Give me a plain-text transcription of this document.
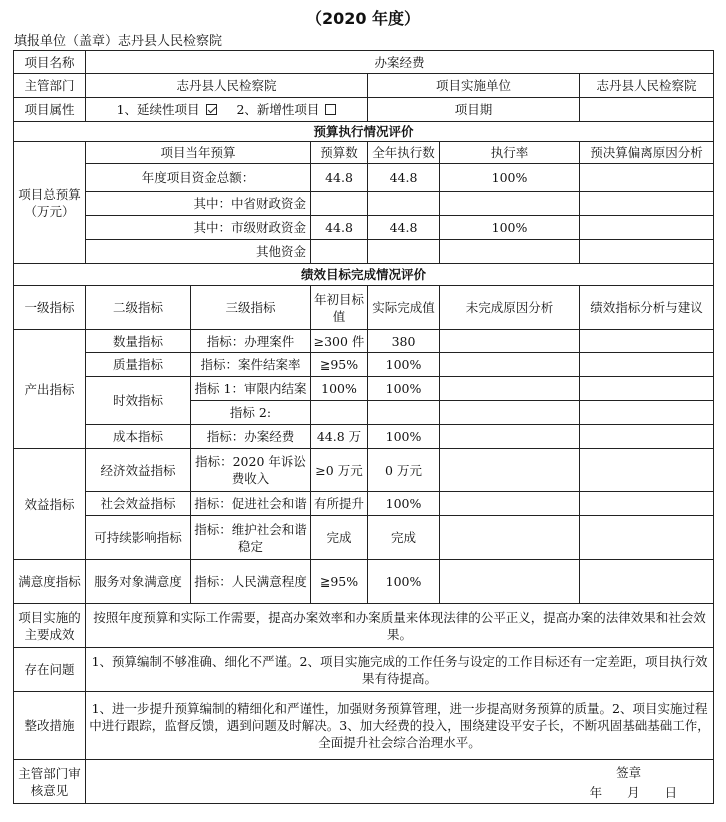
（2020 年度）
填报单位（盖章）志丹县人民检察院
项目名称	办案经费					
主管部门	志丹县人民检察院			项目实施单位		志丹县人民检察院
项目属性	1、延续性项目 2、新增性项目			项目期		
预算执行情况评价						
项目总预算（万元）	项目当年预算		预算数	全年执行数	执行率	预决算偏离原因分析
	年度项目资金总额：		44.8	44.8	100%	
	其中：中省财政资金					
	其中：市级财政资金		44.8	44.8	100%	
	其他资金					
绩效目标完成情况评价						
一级指标	二级指标	三级指标	年初目标值	实际完成值	未完成原因分析	绩效指标分析与建议
产出指标	数量指标	指标：办理案件	≥300 件	380		
	质量指标	指标：案件结案率	≧95%	100%		
	时效指标	指标 1：审限内结案	100%	100%		
		指标 2:				
	成本指标	指标：办案经费	44.8 万	100%		
效益指标	经济效益指标	指标：2020 年诉讼费收入	≥0 万元	0 万元		
	社会效益指标	指标：促进社会和谐	有所提升	100%		
	可持续影响指标	指标：维护社会和谐稳定	完成	完成		
满意度指标	服务对象满意度	指标：人民满意程度	≧95%	100%		
项目实施的主要成效	按照年度预算和实际工作需要，提高办案效率和办案质量来体现法律的公平正义，提高办案的法律效果和社会效果。					
存在问题	1、预算编制不够准确、细化不严谨。2、项目实施完成的工作任务与设定的工作目标还有一定差距，项目执行效果有待提高。					
整改措施	1、进一步提升预算编制的精细化和严谨性，加强财务预算管理，进一步提高财务预算的质量。2、项目实施过程中进行跟踪，监督反馈，遇到问题及时解决。3、加大经费的投入，围绕建设平安子长，不断巩固基础基础工作，全面提升社会综合治理水平。					
主管部门审核意见	签章
年　　月　　日					
